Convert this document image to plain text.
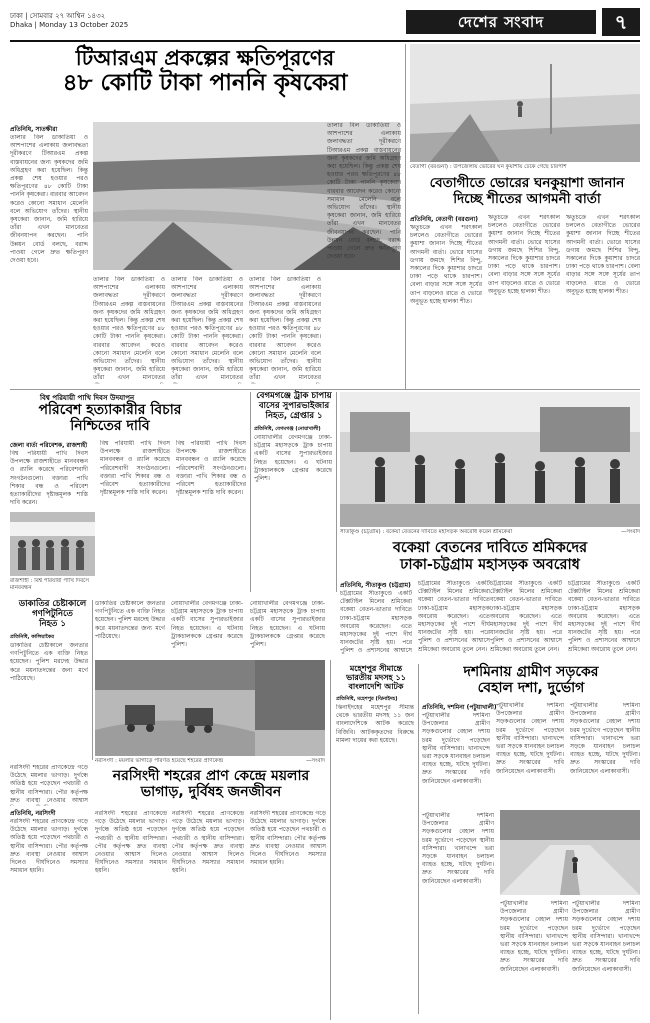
ঢাকা | সোমবার ২৭ আশ্বিন ১৪৩২
Dhaka | Monday 13 October 2025	দেশের সংবাদ	৭
টিআরএম প্রকল্পের ক্ষতিপূরণের
৪৮ কোটি টাকা পাননি কৃষকেরা
প্রতিনিধি, সাতক্ষীরা
তালার বিল ডাকাতিয়া ও আশপাশের এলাকায় জলাবদ্ধতা দূরীকরণে টিআরএম প্রকল্প বাস্তবায়নের জন্য কৃষকদের জমি অধিগ্রহণ করা হয়েছিল। কিন্তু প্রকল্প শেষ হওয়ার পরও ক্ষতিপূরণের ৪৮ কোটি টাকা পাননি কৃষকেরা। বারবার আবেদন করেও কোনো সমাধান মেলেনি বলে অভিযোগ তাঁদের। স্থানীয় কৃষকেরা জানান, জমি হারিয়ে তাঁরা এখন মানবেতর জীবনযাপন করছেন। পানি উন্নয়ন বোর্ড বলছে, বরাদ্দ পাওয়া গেলে দ্রুত ক্ষতিপূরণ দেওয়া হবে।
তালার বিল ডাকাতিয়া ও আশপাশের এলাকায় জলাবদ্ধতা দূরীকরণে টিআরএম প্রকল্প বাস্তবায়নের জন্য কৃষকদের জমি অধিগ্রহণ করা হয়েছিল। কিন্তু প্রকল্প শেষ হওয়ার পরও ক্ষতিপূরণের ৪৮ কোটি টাকা পাননি কৃষকেরা। বারবার আবেদন করেও কোনো সমাধান মেলেনি বলে অভিযোগ তাঁদের। স্থানীয় কৃষকেরা জানান, জমি হারিয়ে তাঁরা এখন মানবেতর
তালার বিল ডাকাতিয়া ও আশপাশের এলাকায় জলাবদ্ধতা দূরীকরণে টিআরএম প্রকল্প বাস্তবায়নের জন্য কৃষকদের জমি অধিগ্রহণ করা হয়েছিল। কিন্তু প্রকল্প শেষ হওয়ার পরও ক্ষতিপূরণের ৪৮ কোটি টাকা পাননি কৃষকেরা। বারবার আবেদন করেও কোনো সমাধান মেলেনি বলে অভিযোগ তাঁদের। স্থানীয় কৃষকেরা জানান, জমি হারিয়ে তাঁরা এখন মানবেতর
তালার বিল ডাকাতিয়া ও আশপাশের এলাকায় জলাবদ্ধতা দূরীকরণে টিআরএম প্রকল্প বাস্তবায়নের জন্য কৃষকদের জমি অধিগ্রহণ করা হয়েছিল। কিন্তু প্রকল্প শেষ হওয়ার পরও ক্ষতিপূরণের ৪৮ কোটি টাকা পাননি কৃষকেরা। বারবার আবেদন করেও কোনো সমাধান মেলেনি বলে অভিযোগ তাঁদের। স্থানীয় কৃষকেরা জানান, জমি হারিয়ে তাঁরা এখন মানবেতর
তালার বিল ডাকাতিয়া ও আশপাশের এলাকায় জলাবদ্ধতা দূরীকরণে টিআরএম প্রকল্প বাস্তবায়নের জন্য কৃষকদের জমি অধিগ্রহণ করা হয়েছিল। কিন্তু প্রকল্প শেষ হওয়ার পরও ক্ষতিপূরণের ৪৮ কোটি টাকা পাননি কৃষকেরা। বারবার আবেদন করেও কোনো সমাধান মেলেনি বলে অভিযোগ তাঁদের। স্থানীয় কৃষকেরা জানান, জমি হারিয়ে তাঁরা এখন মানবেতর জীবনযাপন করছেন। পানি উন্নয়ন বোর্ড বলছে, বরাদ্দ পাওয়া গেলে দ্রুত ক্ষতিপূরণ দেওয়া হবে।
বেতাগী (বরগুনা) : উপজেলায় ভোরের ঘন কুয়াশায় ঢেকে গেছে চারপাশ
বেতাগীতে ভোরের ঘনকুয়াশা জানান
দিচ্ছে শীতের আগমনী বার্তা
প্রতিনিধি, বেতাগী (বরগুনা)
ঋতুচক্রে এখন শরৎকাল চললেও বেতাগীতে ভোরের কুয়াশা জানান দিচ্ছে শীতের আগমনী বার্তা। ভোরে ঘাসের ডগায় জমছে শিশির বিন্দু, সকালের দিকে কুয়াশার চাদরে ঢাকা পড়ে থাকে চারপাশ। বেলা বাড়ার সঙ্গে সঙ্গে সূর্যের তাপ বাড়লেও রাতে ও ভোরে অনুভূত হচ্ছে হালকা শীত।
ঋতুচক্রে এখন শরৎকাল চললেও বেতাগীতে ভোরের কুয়াশা জানান দিচ্ছে শীতের আগমনী বার্তা। ভোরে ঘাসের ডগায় জমছে শিশির বিন্দু, সকালের দিকে কুয়াশার চাদরে ঢাকা পড়ে থাকে চারপাশ। বেলা বাড়ার সঙ্গে সঙ্গে সূর্যের তাপ বাড়লেও রাতে ও ভোরে অনুভূত হচ্ছে হালকা শীত।
ঋতুচক্রে এখন শরৎকাল চললেও বেতাগীতে ভোরের কুয়াশা জানান দিচ্ছে শীতের আগমনী বার্তা। ভোরে ঘাসের ডগায় জমছে শিশির বিন্দু, সকালের দিকে কুয়াশার চাদরে ঢাকা পড়ে থাকে চারপাশ। বেলা বাড়ার সঙ্গে সঙ্গে সূর্যের তাপ বাড়লেও রাতে ও ভোরে অনুভূত হচ্ছে হালকা শীত।
বিশ্ব পরিযায়ী পাখি দিবস উদযাপন
পরিবেশ হত্যাকারীর বিচার
নিশ্চিতের দাবি
জেলা বার্তা পরিবেশক, রাজশাহী
বিশ্ব পরিযায়ী পাখি দিবস উপলক্ষে রাজশাহীতে মানববন্ধন ও র‍্যালি করেছে পরিবেশবাদী সংগঠনগুলো। বক্তারা পাখি শিকার বন্ধ ও পরিবেশ হত্যাকারীদের দৃষ্টান্তমূলক শাস্তি দাবি করেন।
রাজশাহী : বিশ্ব পরিযায়ী পাখি দিবসে মানববন্ধন
বিশ্ব পরিযায়ী পাখি দিবস উপলক্ষে রাজশাহীতে মানববন্ধন ও র‍্যালি করেছে পরিবেশবাদী সংগঠনগুলো। বক্তারা পাখি শিকার বন্ধ ও পরিবেশ হত্যাকারীদের দৃষ্টান্তমূলক শাস্তি দাবি করেন।
বিশ্ব পরিযায়ী পাখি দিবস উপলক্ষে রাজশাহীতে মানববন্ধন ও র‍্যালি করেছে পরিবেশবাদী সংগঠনগুলো। বক্তারা পাখি শিকার বন্ধ ও পরিবেশ হত্যাকারীদের দৃষ্টান্তমূলক শাস্তি দাবি করেন।
বেগমগঞ্জে ট্রাক চাপায়
বাসের সুপারভাইজার
নিহত, গ্রেপ্তার ১
প্রতিনিধি, বেগমগঞ্জ (নোয়াখালী)
নোয়াখালীর বেগমগঞ্জে ঢাকা-চট্টগ্রাম মহাসড়কে ট্রাক চাপায় একটি বাসের সুপারভাইজার নিহত হয়েছেন। এ ঘটনায় ট্রাকচালককে গ্রেপ্তার করেছে পুলিশ।
সীতাকুণ্ড (চট্টগ্রাম) : বকেয়া বেতনের দাবিতে মহাসড়ক অবরোধ করেন শ্রমিকেরা	—সংবাদ
বকেয়া বেতনের দাবিতে শ্রমিকদের
ঢাকা-চট্টগ্রাম মহাসড়ক অবরোধ
প্রতিনিধি, সীতাকুণ্ড (চট্টগ্রাম)
চট্টগ্রামের সীতাকুণ্ডে একটি টেক্সটাইল মিলের শ্রমিকেরা বকেয়া বেতন-ভাতার দাবিতে ঢাকা-চট্টগ্রাম মহাসড়ক অবরোধ করেছেন। এতে মহাসড়কের দুই পাশে দীর্ঘ যানজটের সৃষ্টি হয়। পরে পুলিশ ও প্রশাসনের আশ্বাসে
চট্টগ্রামের সীতাকুণ্ডে একটি টেক্সটাইল মিলের শ্রমিকেরা বকেয়া বেতন-ভাতার দাবিতে ঢাকা-চট্টগ্রাম মহাসড়ক অবরোধ করেছেন। এতে মহাসড়কের দুই পাশে দীর্ঘ যানজটের সৃষ্টি হয়। পরে পুলিশ ও প্রশাসনের আশ্বাসে শ্রমিকেরা অবরোধ তুলে নেন।
চট্টগ্রামের সীতাকুণ্ডে একটি টেক্সটাইল মিলের শ্রমিকেরা বকেয়া বেতন-ভাতার দাবিতে ঢাকা-চট্টগ্রাম মহাসড়ক অবরোধ করেছেন। এতে মহাসড়কের দুই পাশে দীর্ঘ যানজটের সৃষ্টি হয়। পরে পুলিশ ও প্রশাসনের আশ্বাসে শ্রমিকেরা অবরোধ তুলে নেন।
চট্টগ্রামের সীতাকুণ্ডে একটি টেক্সটাইল মিলের শ্রমিকেরা বকেয়া বেতন-ভাতার দাবিতে ঢাকা-চট্টগ্রাম মহাসড়ক অবরোধ করেছেন। এতে মহাসড়কের দুই পাশে দীর্ঘ যানজটের সৃষ্টি হয়। পরে পুলিশ ও প্রশাসনের আশ্বাসে শ্রমিকেরা অবরোধ তুলে নেন।
ডাকাতির চেষ্টাকালে
গণপিটুনিতে
নিহত ১
প্রতিনিধি, কালিয়াকৈর
ডাকাতির চেষ্টাকালে জনতার গণপিটুনিতে এক ব্যক্তি নিহত হয়েছেন। পুলিশ মরদেহ উদ্ধার করে ময়নাতদন্তের জন্য মর্গে পাঠিয়েছে।
নরসিংদী : ময়লার ভাগাড়ে পরিণত হয়েছে শহরের প্রাণকেন্দ্র	—সংবাদ
ডাকাতির চেষ্টাকালে জনতার গণপিটুনিতে এক ব্যক্তি নিহত হয়েছেন। পুলিশ মরদেহ উদ্ধার করে ময়নাতদন্তের জন্য মর্গে পাঠিয়েছে।
নোয়াখালীর বেগমগঞ্জে ঢাকা-চট্টগ্রাম মহাসড়কে ট্রাক চাপায় একটি বাসের সুপারভাইজার নিহত হয়েছেন। এ ঘটনায় ট্রাকচালককে গ্রেপ্তার করেছে পুলিশ।
নোয়াখালীর বেগমগঞ্জে ঢাকা-চট্টগ্রাম মহাসড়কে ট্রাক চাপায় একটি বাসের সুপারভাইজার নিহত হয়েছেন। এ ঘটনায় ট্রাকচালককে গ্রেপ্তার করেছে পুলিশ।
মহেশপুর সীমান্তে
ভারতীয় মদসহ ১১
বাংলাদেশি আটক
প্রতিনিধি, মহেশপুর (ঝিনাইদহ)
ঝিনাইদহের মহেশপুর সীমান্ত থেকে ভারতীয় মদসহ ১১ জন বাংলাদেশিকে আটক করেছে বিজিবি। আটককৃতদের বিরুদ্ধে মামলা দায়ের করা হয়েছে।
দশমিনায় গ্রামীণ সড়কের
বেহাল দশা, দুর্ভোগ
প্রতিনিধি, দশমিনা (পটুয়াখালী)
পটুয়াখালীর দশমিনা উপজেলার গ্রামীণ সড়কগুলোর বেহাল দশায় চরম দুর্ভোগে পড়েছেন স্থানীয় বাসিন্দারা। খানাখন্দে ভরা সড়কে যানবাহন চলাচল ব্যাহত হচ্ছে, ঘটছে দুর্ঘটনা। দ্রুত সংস্কারের দাবি জানিয়েছেন এলাকাবাসী।
পটুয়াখালীর দশমিনা উপজেলার গ্রামীণ সড়কগুলোর বেহাল দশায় চরম দুর্ভোগে পড়েছেন স্থানীয় বাসিন্দারা। খানাখন্দে ভরা সড়কে যানবাহন চলাচল ব্যাহত হচ্ছে, ঘটছে দুর্ঘটনা। দ্রুত সংস্কারের দাবি জানিয়েছেন এলাকাবাসী।
পটুয়াখালীর দশমিনা উপজেলার গ্রামীণ সড়কগুলোর বেহাল দশায় চরম দুর্ভোগে পড়েছেন স্থানীয় বাসিন্দারা। খানাখন্দে ভরা সড়কে যানবাহন চলাচল ব্যাহত হচ্ছে, ঘটছে দুর্ঘটনা। দ্রুত সংস্কারের দাবি জানিয়েছেন এলাকাবাসী।
পটুয়াখালীর দশমিনা উপজেলার গ্রামীণ সড়কগুলোর বেহাল দশায় চরম দুর্ভোগে পড়েছেন স্থানীয় বাসিন্দারা। খানাখন্দে ভরা সড়কে যানবাহন চলাচল ব্যাহত হচ্ছে, ঘটছে দুর্ঘটনা। দ্রুত সংস্কারের দাবি জানিয়েছেন এলাকাবাসী।
পটুয়াখালীর দশমিনা উপজেলার গ্রামীণ সড়কগুলোর বেহাল দশায় চরম দুর্ভোগে পড়েছেন স্থানীয় বাসিন্দারা। খানাখন্দে ভরা সড়কে যানবাহন চলাচল ব্যাহত হচ্ছে, ঘটছে দুর্ঘটনা। দ্রুত সংস্কারের দাবি জানিয়েছেন এলাকাবাসী।
পটুয়াখালীর দশমিনা উপজেলার গ্রামীণ সড়কগুলোর বেহাল দশায় চরম দুর্ভোগে পড়েছেন স্থানীয় বাসিন্দারা। খানাখন্দে ভরা সড়কে যানবাহন চলাচল ব্যাহত হচ্ছে, ঘটছে দুর্ঘটনা। দ্রুত সংস্কারের দাবি জানিয়েছেন এলাকাবাসী।
নরসিংদী শহরের প্রাণ কেন্দ্রে ময়লার
ভাগাড়, দুর্বিষহ জনজীবন
প্রতিনিধি, নরসিংদী
নরসিংদী শহরের প্রাণকেন্দ্রে গড়ে উঠেছে ময়লার ভাগাড়। দুর্গন্ধে অতিষ্ঠ হয়ে পড়েছেন পথচারী ও স্থানীয় বাসিন্দারা। পৌর কর্তৃপক্ষ দ্রুত ব্যবস্থা নেওয়ার আশ্বাস
নরসিংদী শহরের প্রাণকেন্দ্রে গড়ে উঠেছে ময়লার ভাগাড়। দুর্গন্ধে অতিষ্ঠ হয়ে পড়েছেন পথচারী ও স্থানীয় বাসিন্দারা। পৌর কর্তৃপক্ষ দ্রুত ব্যবস্থা নেওয়ার আশ্বাস দিলেও দীর্ঘদিনেও সমস্যার সমাধান হয়নি।
নরসিংদী শহরের প্রাণকেন্দ্রে গড়ে উঠেছে ময়লার ভাগাড়। দুর্গন্ধে অতিষ্ঠ হয়ে পড়েছেন পথচারী ও স্থানীয় বাসিন্দারা। পৌর কর্তৃপক্ষ দ্রুত ব্যবস্থা নেওয়ার আশ্বাস দিলেও দীর্ঘদিনেও সমস্যার সমাধান হয়নি।
নরসিংদী শহরের প্রাণকেন্দ্রে গড়ে উঠেছে ময়লার ভাগাড়। দুর্গন্ধে অতিষ্ঠ হয়ে পড়েছেন পথচারী ও স্থানীয় বাসিন্দারা। পৌর কর্তৃপক্ষ দ্রুত ব্যবস্থা নেওয়ার আশ্বাস দিলেও দীর্ঘদিনেও সমস্যার সমাধান হয়নি।
নরসিংদী শহরের প্রাণকেন্দ্রে গড়ে উঠেছে ময়লার ভাগাড়। দুর্গন্ধে অতিষ্ঠ হয়ে পড়েছেন পথচারী ও স্থানীয় বাসিন্দারা। পৌর কর্তৃপক্ষ দ্রুত ব্যবস্থা নেওয়ার আশ্বাস দিলেও দীর্ঘদিনেও সমস্যার সমাধান হয়নি।
